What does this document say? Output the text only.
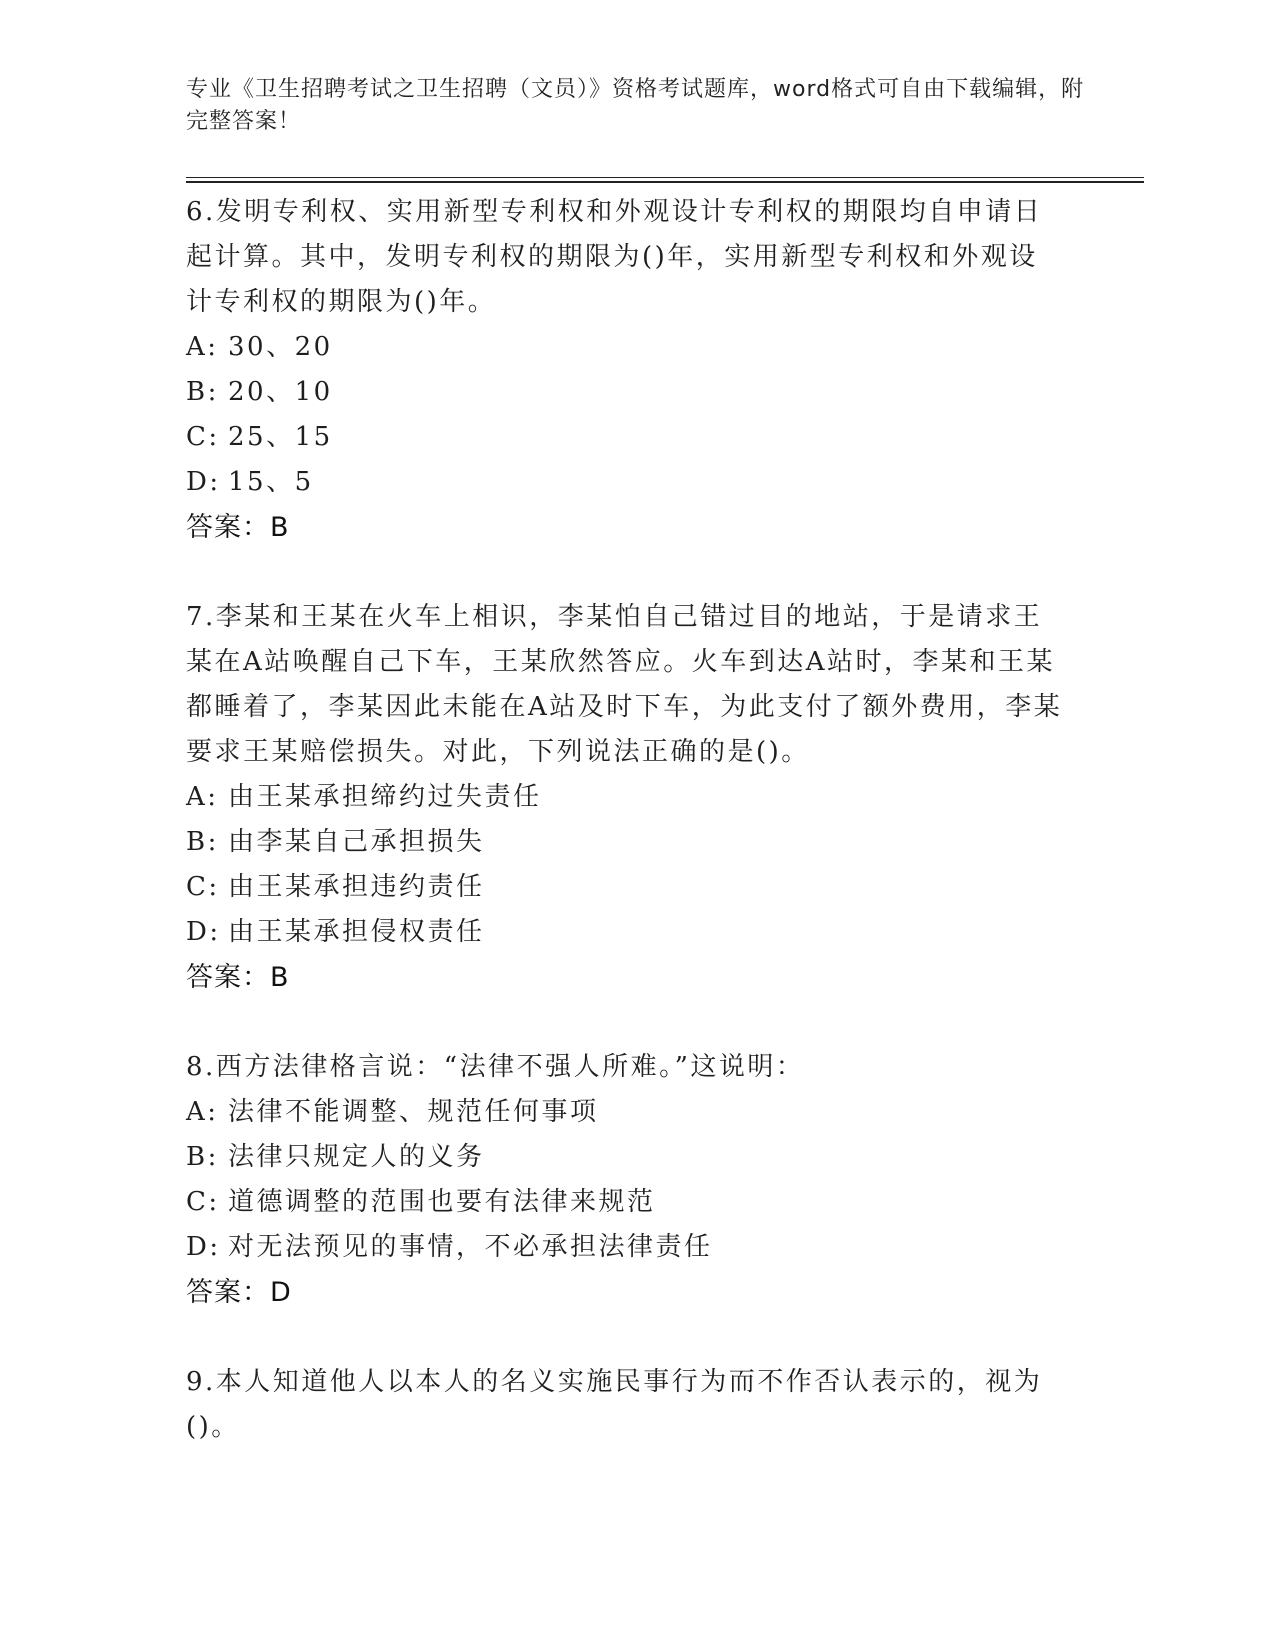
专业《卫生招聘考试之卫生招聘（文员）》资格考试题库，word格式可自由下载编辑，附完整答案！

6.发明专利权、实用新型专利权和外观设计专利权的期限均自申请日起计算。其中，发明专利权的期限为()年，实用新型专利权和外观设计专利权的期限为()年。

A: 30、20

B: 20、10

C: 25、15

D: 15、5

答案：B

7.李某和王某在火车上相识，李某怕自己错过目的地站，于是请求王某在A站唤醒自己下车，王某欣然答应。火车到达A站时，李某和王某都睡着了，李某因此未能在A站及时下车，为此支付了额外费用，李某要求王某赔偿损失。对此，下列说法正确的是()。

A: 由王某承担缔约过失责任

B: 由李某自己承担损失

C: 由王某承担违约责任

D: 由王某承担侵权责任

答案：B

8.西方法律格言说：“法律不强人所难。”这说明：

A: 法律不能调整、规范任何事项

B: 法律只规定人的义务

C: 道德调整的范围也要有法律来规范

D: 对无法预见的事情，不必承担法律责任

答案：D

9.本人知道他人以本人的名义实施民事行为而不作否认表示的，视为()。
